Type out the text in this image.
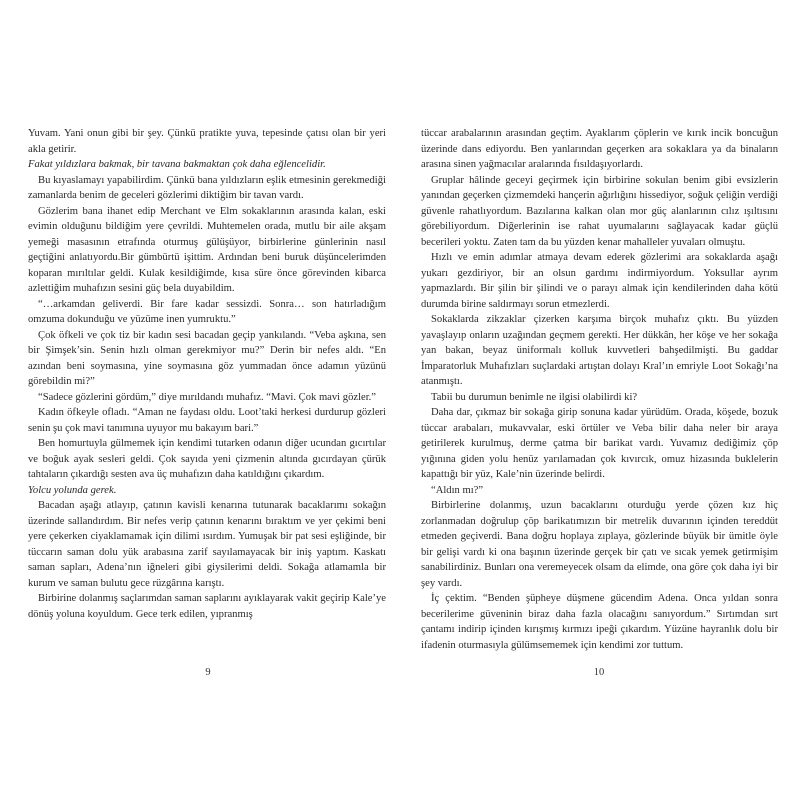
Yuvam. Yani onun gibi bir şey. Çünkü pratikte yuva, tepesinde çatısı olan bir yeri akla getirir.

Fakat yıldızlara bakmak, bir tavana bakmaktan çok daha eğlencelidir.

Bu kıyaslamayı yapabilirdim. Çünkü bana yıldızların eşlik etmesinin gerekmediği zamanlarda benim de geceleri gözlerimi diktiğim bir tavan vardı.

Gözlerim bana ihanet edip Merchant ve Elm sokaklarının arasında kalan, eski evimin olduğunu bildiğim yere çevrildi. Muhtemelen orada, mutlu bir aile akşam yemeği masasının etrafında oturmuş gülüşüyor, birbirlerine günlerinin nasıl geçtiğini anlatıyordu.Bir gümbürtü işittim. Ardından beni buruk düşüncelerimden koparan mırıltılar geldi. Kulak kesildiğimde, kısa süre önce görevinden kibarca azlettiğim muhafızın sesini güç bela duyabildim.

“…arkamdan geliverdi. Bir fare kadar sessizdi. Sonra… son hatırladığım omzuma dokunduğu ve yüzüme inen yumruktu.”

Çok öfkeli ve çok tiz bir kadın sesi bacadan geçip yankılandı. “Veba aşkına, sen bir Şimşek’sin. Senin hızlı olman gerekmiyor mu?” Derin bir nefes aldı. “En azından beni soymasına, yine soymasına göz yummadan önce adamın yüzünü görebildin mi?”

“Sadece gözlerini gördüm,” diye mırıldandı muhafız. “Mavi. Çok mavi gözler.”

Kadın öfkeyle ofladı. “Aman ne faydası oldu. Loot’taki herkesi durdurup gözleri senin şu çok mavi tanımına uyuyor mu bakayım bari.”

Ben homurtuyla gülmemek için kendimi tutarken odanın diğer ucundan gıcırtılar ve boğuk ayak sesleri geldi. Çok sayıda yeni çizmenin altında gıcırdayan çürük tahtaların çıkardığı sesten ava üç muhafızın daha katıldığını çıkardım.

Yolcu yolunda gerek.

Bacadan aşağı atlayıp, çatının kavisli kenarına tutunarak bacaklarımı sokağın üzerinde sallandırdım. Bir nefes verip çatının kenarını bıraktım ve yer çekimi beni yere çekerken ciyaklamamak için dilimi ısırdım. Yumuşak bir pat sesi eşliğinde, bir tüccarın saman dolu yük arabasına zarif sayılamayacak bir iniş yaptım. Kaskatı saman sapları, Adena’nın iğneleri gibi giysilerimi deldi. Sokağa atlamamla bir kurum ve saman bulutu gece rüzgârına karıştı.

Birbirine dolanmış saçlarımdan saman saplarını ayıklayarak vakit geçirip Kale’ye dönüş yoluna koyuldum. Gece terk edilen, yıpranmış

9

tüccar arabalarının arasından geçtim. Ayaklarım çöplerin ve kırık incik boncuğun üzerinde dans ediyordu. Ben yanlarından geçerken ara sokaklara ya da binaların arasına sinen yağmacılar aralarında fısıldaşıyorlardı.

Gruplar hâlinde geceyi geçirmek için birbirine sokulan benim gibi evsizlerin yanından geçerken çizmemdeki hançerin ağırlığını hissediyor, soğuk çeliğin verdiği güvenle rahatlıyordum. Bazılarına kalkan olan mor güç alanlarının cılız ışıltısını görebiliyordum. Diğerlerinin ise rahat uyumalarını sağlayacak kadar güçlü becerileri yoktu. Zaten tam da bu yüzden kenar mahalleler yuvaları olmuştu.

Hızlı ve emin adımlar atmaya devam ederek gözlerimi ara sokaklarda aşağı yukarı gezdiriyor, bir an olsun gardımı indirmiyordum. Yoksullar ayrım yapmazlardı. Bir şilin bir şilindi ve o parayı almak için kendilerinden daha kötü durumda birine saldırmayı sorun etmezlerdi.

Sokaklarda zikzaklar çizerken karşıma birçok muhafız çıktı. Bu yüzden yavaşlayıp onların uzağından geçmem gerekti. Her dükkân, her köşe ve her sokağa yan bakan, beyaz üniformalı kolluk kuvvetleri bahşedilmişti. Bu gaddar İmparatorluk Muhafızları suçlardaki artıştan dolayı Kral’ın emriyle Loot Sokağı’na atanmıştı.

Tabii bu durumun benimle ne ilgisi olabilirdi ki?

Daha dar, çıkmaz bir sokağa girip sonuna kadar yürüdüm. Orada, köşede, bozuk tüccar arabaları, mukavvalar, eski örtüler ve Veba bilir daha neler bir araya getirilerek kurulmuş, derme çatma bir barikat vardı. Yuvamız dediğimiz çöp yığınına giden yolu henüz yarılamadan çok kıvırcık, omuz hizasında buklelerin kapattığı bir yüz, Kale’nin üzerinde belirdi.

“Aldın mı?”

Birbirlerine dolanmış, uzun bacaklarını oturduğu yerde çözen kız hiç zorlanmadan doğrulup çöp barikatımızın bir metrelik duvarının içinden tereddüt etmeden geçiverdi. Bana doğru hoplaya zıplaya, gözlerinde büyük bir ümitle öyle bir gelişi vardı ki ona başının üzerinde gerçek bir çatı ve sıcak yemek getirmişim sanabilirdiniz. Bunları ona veremeyecek olsam da elimde, ona göre çok daha iyi bir şey vardı.

İç çektim. “Benden şüpheye düşmene gücendim Adena. Onca yıldan sonra becerilerime güveninin biraz daha fazla olacağını sanıyordum.” Sırtımdan sırt çantamı indirip içinden kırışmış kırmızı ipeği çıkardım. Yüzüne hayranlık dolu bir ifadenin oturmasıyla gülümsememek için kendimi zor tuttum.

10
